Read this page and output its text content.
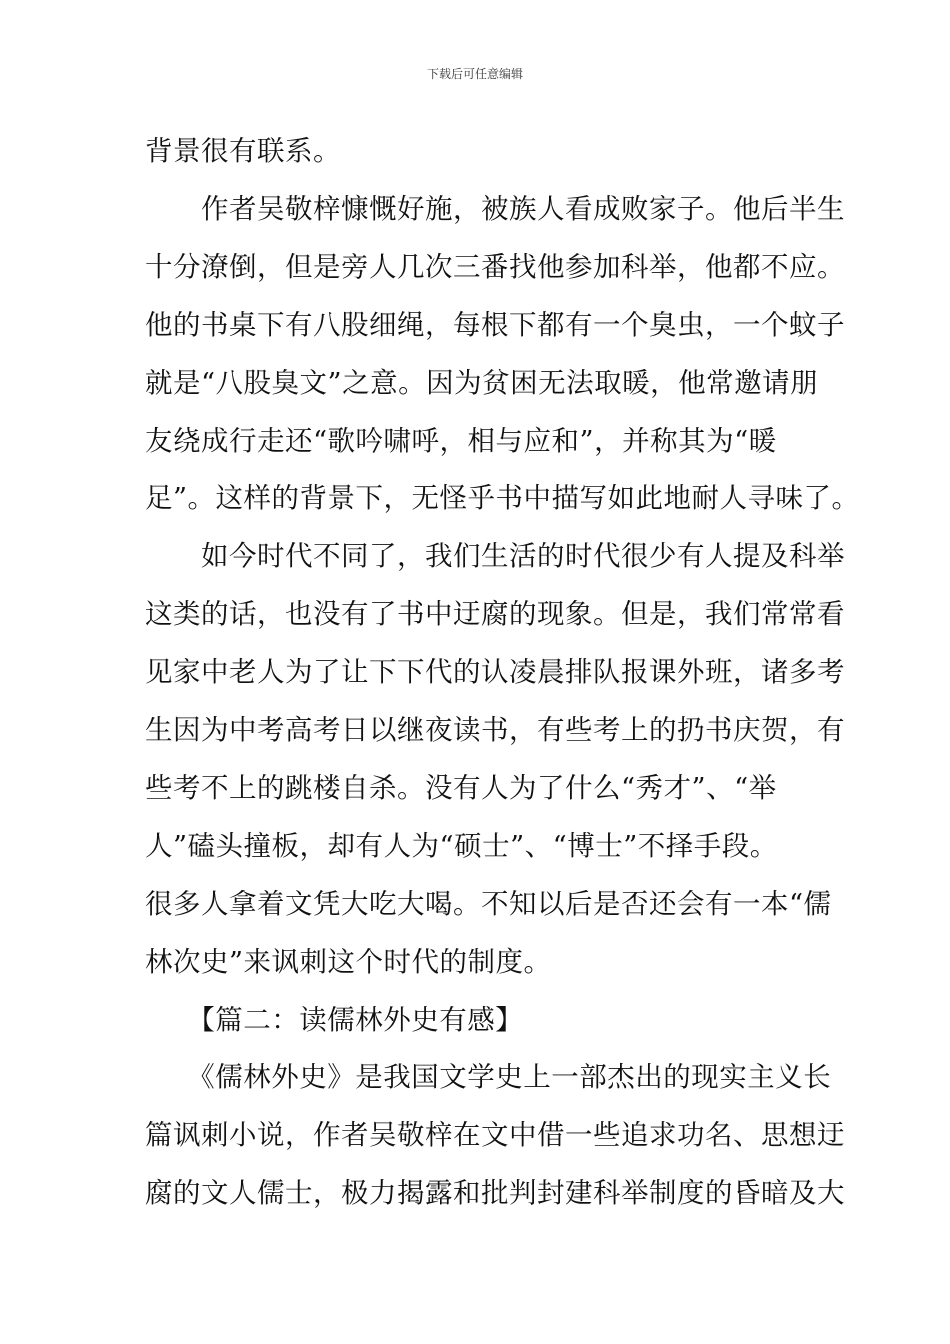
下载后可任意编辑
背景很有联系。
　　作者吴敬梓慷慨好施，被族人看成败家子。他后半生
十分潦倒，但是旁人几次三番找他参加科举，他都不应。
他的书桌下有八股细绳，每根下都有一个臭虫，一个蚊子
就是“八股臭文”之意。因为贫困无法取暖，他常邀请朋
友绕成行走还“歌吟啸呼，相与应和”，并称其为“暖
足”。这样的背景下，无怪乎书中描写如此地耐人寻味了。
　　如今时代不同了，我们生活的时代很少有人提及科举
这类的话，也没有了书中迂腐的现象。但是，我们常常看
见家中老人为了让下下代的认凌晨排队报课外班，诸多考
生因为中考高考日以继夜读书，有些考上的扔书庆贺，有
些考不上的跳楼自杀。没有人为了什么“秀才”、“举
人”磕头撞板，却有人为“硕士”、“博士”不择手段。
很多人拿着文凭大吃大喝。不知以后是否还会有一本“儒
林次史”来讽刺这个时代的制度。
　　【篇二：读儒林外史有感】
　　《儒林外史》是我国文学史上一部杰出的现实主义长
篇讽刺小说，作者吴敬梓在文中借一些追求功名、思想迂
腐的文人儒士，极力揭露和批判封建科举制度的昏暗及大
